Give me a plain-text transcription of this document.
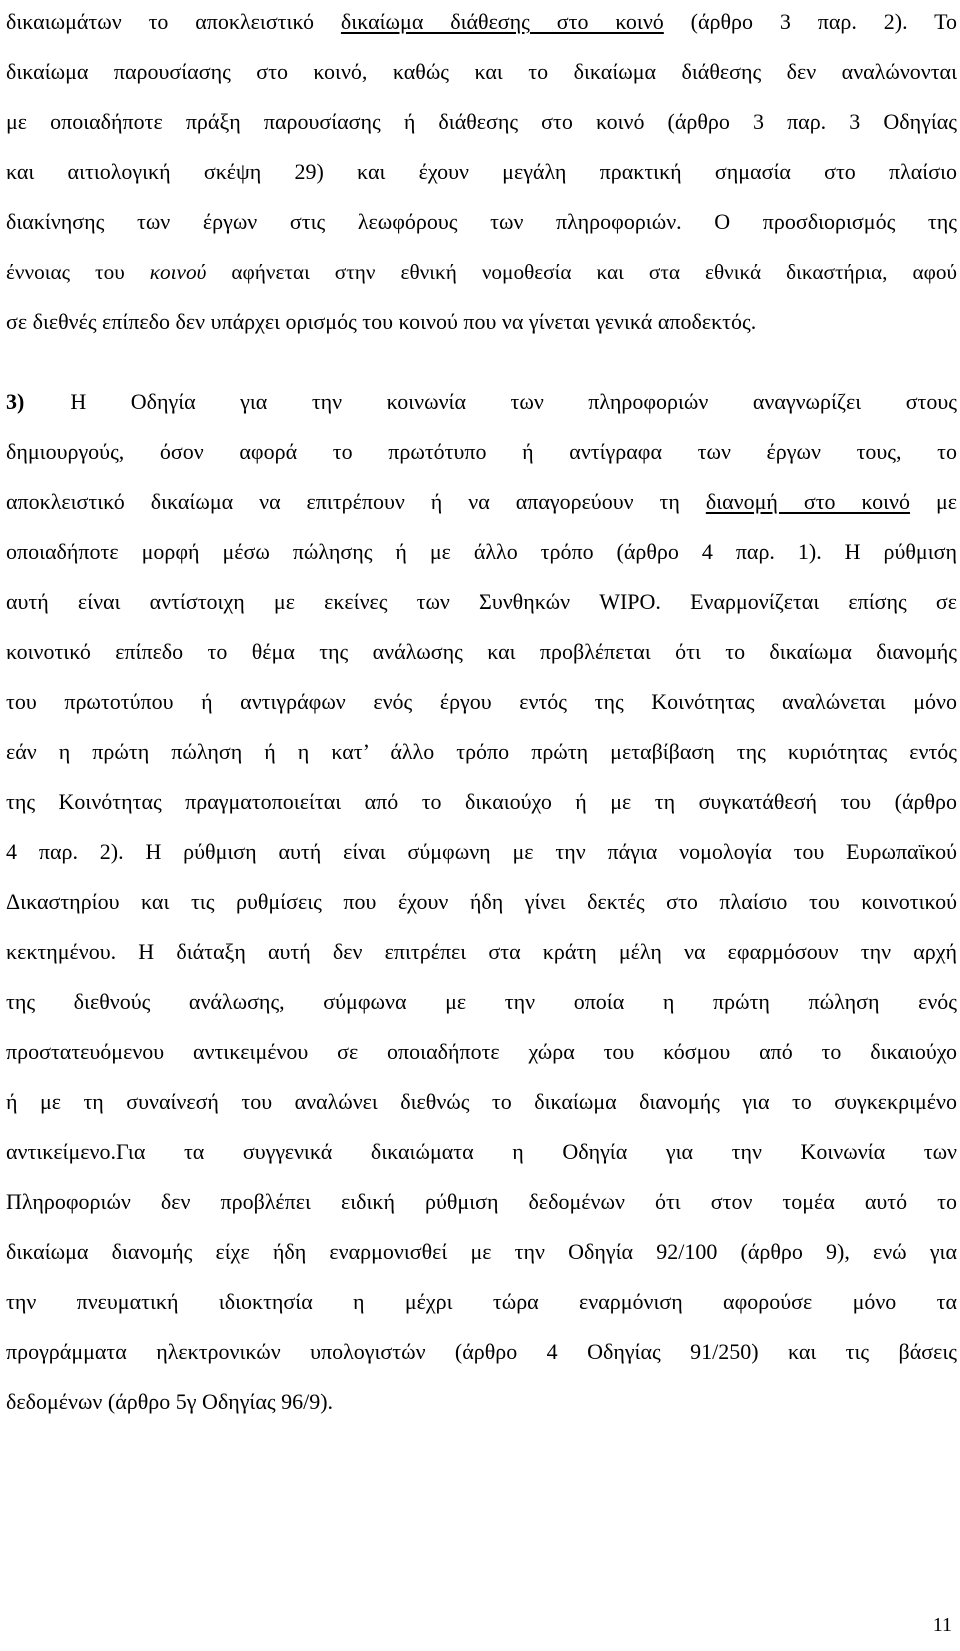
δικαιωμάτων το αποκλειστικό δικαίωμα διάθεσης στο κοινό (άρθρο 3 παρ. 2). Το
δικαίωμα παρουσίασης στο κοινό, καθώς και το δικαίωμα διάθεσης δεν αναλώνονται
με οποιαδήποτε πράξη παρουσίασης ή διάθεσης στο κοινό (άρθρο 3 παρ. 3 Οδηγίας
και αιτιολογική σκέψη 29) και έχουν μεγάλη πρακτική σημασία στο πλαίσιο
διακίνησης των έργων στις λεωφόρους των πληροφοριών. Ο προσδιορισμός της
έννοιας του κοινού αφήνεται στην εθνική νομοθεσία και στα εθνικά δικαστήρια, αφού
σε διεθνές επίπεδο δεν υπάρχει ορισμός του κοινού που να γίνεται γενικά αποδεκτός.
3) Η Οδηγία για την κοινωνία των πληροφοριών αναγνωρίζει στους
δημιουργούς, όσον αφορά το πρωτότυπο ή αντίγραφα των έργων τους, το
αποκλειστικό δικαίωμα να επιτρέπουν ή να απαγορεύουν τη διανομή στο κοινό με
οποιαδήποτε μορφή μέσω πώλησης ή με άλλο τρόπο (άρθρο 4 παρ. 1). Η ρύθμιση
αυτή είναι αντίστοιχη με εκείνες των Συνθηκών WIPO. Εναρμονίζεται επίσης σε
κοινοτικό επίπεδο το θέμα της ανάλωσης και προβλέπεται ότι το δικαίωμα διανομής
του πρωτοτύπου ή αντιγράφων ενός έργου εντός της Κοινότητας αναλώνεται μόνο
εάν η πρώτη πώληση ή η κατ’ άλλο τρόπο πρώτη μεταβίβαση της κυριότητας εντός
της Κοινότητας πραγματοποιείται από το δικαιούχο ή με τη συγκατάθεσή του (άρθρο
4 παρ. 2). Η ρύθμιση αυτή είναι σύμφωνη με την πάγια νομολογία του Ευρωπαϊκού
Δικαστηρίου και τις ρυθμίσεις που έχουν ήδη γίνει δεκτές στο πλαίσιο του κοινοτικού
κεκτημένου. Η διάταξη αυτή δεν επιτρέπει στα κράτη μέλη να εφαρμόσουν την αρχή
της διεθνούς ανάλωσης, σύμφωνα με την οποία η πρώτη πώληση ενός
προστατευόμενου αντικειμένου σε οποιαδήποτε χώρα του κόσμου από το δικαιούχο
ή με τη συναίνεσή του αναλώνει διεθνώς το δικαίωμα διανομής για το συγκεκριμένο
αντικείμενο.Για τα συγγενικά δικαιώματα η Οδηγία για την Κοινωνία των
Πληροφοριών δεν προβλέπει ειδική ρύθμιση δεδομένων ότι στον τομέα αυτό το
δικαίωμα διανομής είχε ήδη εναρμονισθεί με την Οδηγία 92/100 (άρθρο 9), ενώ για
την πνευματική ιδιοκτησία η μέχρι τώρα εναρμόνιση αφορούσε μόνο τα
προγράμματα ηλεκτρονικών υπολογιστών (άρθρο 4 Οδηγίας 91/250) και τις βάσεις
δεδομένων (άρθρο 5γ Οδηγίας 96/9).
11
